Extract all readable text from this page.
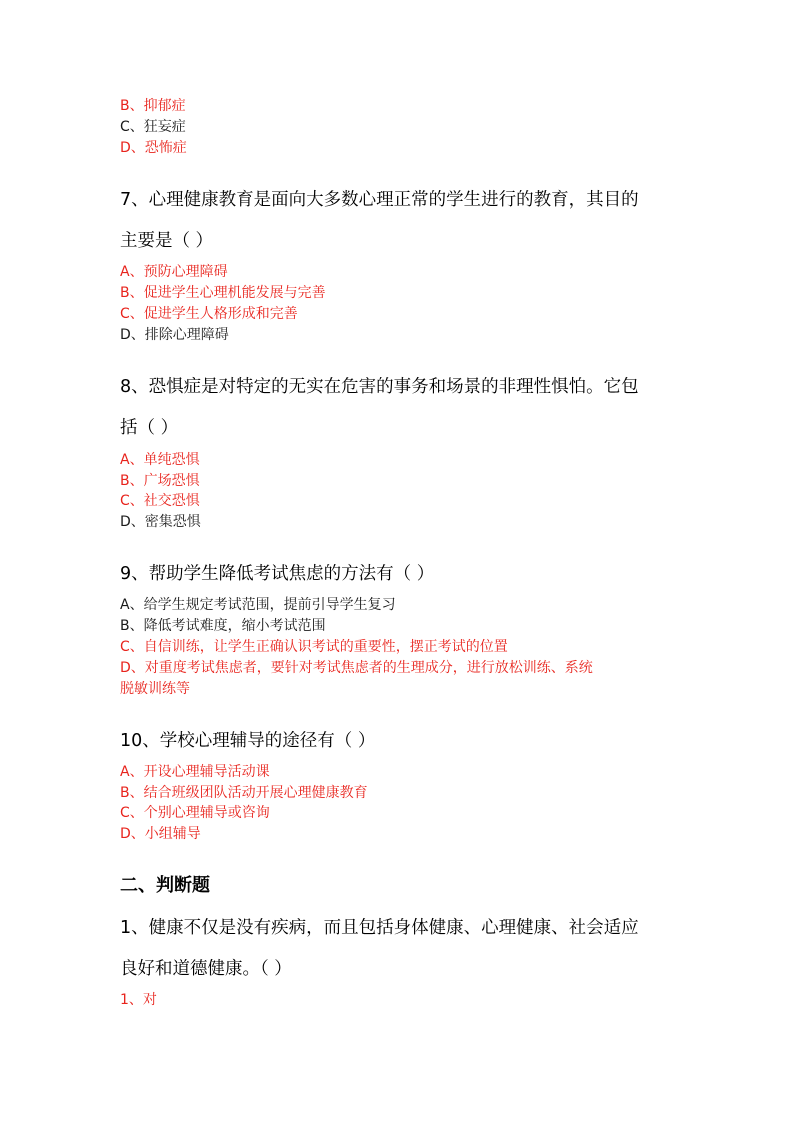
B、抑郁症
C、狂妄症
D、恐怖症
7、心理健康教育是面向大多数心理正常的学生进行的教育，其目的
主要是（ ）
A、预防心理障碍
B、促进学生心理机能发展与完善
C、促进学生人格形成和完善
D、排除心理障碍
8、恐惧症是对特定的无实在危害的事务和场景的非理性惧怕。它包
括（ ）
A、单纯恐惧
B、广场恐惧
C、社交恐惧
D、密集恐惧
9、帮助学生降低考试焦虑的方法有（ ）
A、给学生规定考试范围，提前引导学生复习
B、降低考试难度，缩小考试范围
C、自信训练，让学生正确认识考试的重要性，摆正考试的位置
D、对重度考试焦虑者，要针对考试焦虑者的生理成分，进行放松训练、系统
脱敏训练等
10、学校心理辅导的途径有（ ）
A、开设心理辅导活动课
B、结合班级团队活动开展心理健康教育
C、个别心理辅导或咨询
D、小组辅导
二、判断题
1、健康不仅是没有疾病，而且包括身体健康、心理健康、社会适应
良好和道德健康。（ ）
1、对
